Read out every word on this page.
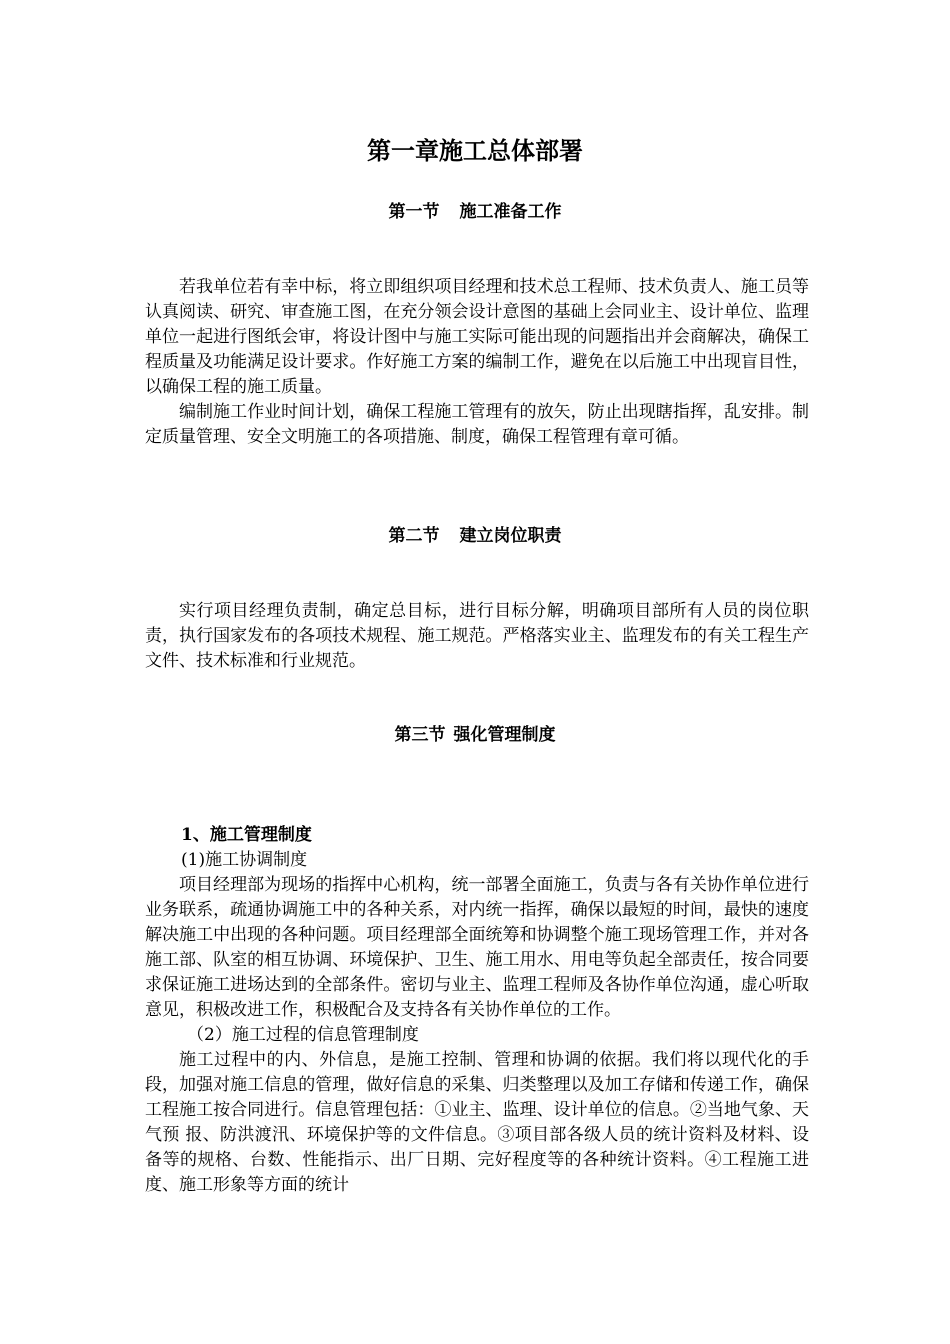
第一章施工总体部署
第一节 施工准备工作

若我单位若有幸中标，将立即组织项目经理和技术总工程师、技术负责人、施工员等认真阅读、研究、审查施工图，在充分领会设计意图的基础上会同业主、设计单位、监理单位一起进行图纸会审，将设计图中与施工实际可能出现的问题指出并会商解决，确保工程质量及功能满足设计要求。作好施工方案的编制工作，避免在以后施工中出现盲目性，以确保工程的施工质量。

编制施工作业时间计划，确保工程施工管理有的放矢，防止出现瞎指挥，乱安排。制定质量管理、安全文明施工的各项措施、制度，确保工程管理有章可循。

第二节 建立岗位职责

实行项目经理负责制，确定总目标，进行目标分解，明确项目部所有人员的岗位职责，执行国家发布的各项技术规程、施工规范。严格落实业主、监理发布的有关工程生产文件、技术标准和行业规范。

第三节 强化管理制度
1、施工管理制度
(1)施工协调制度

项目经理部为现场的指挥中心机构，统一部署全面施工，负责与各有关协作单位进行业务联系，疏通协调施工中的各种关系，对内统一指挥，确保以最短的时间，最快的速度解决施工中出现的各种问题。项目经理部全面统筹和协调整个施工现场管理工作，并对各施工部、队室的相互协调、环境保护、卫生、施工用水、用电等负起全部责任，按合同要求保证施工进场达到的全部条件。密切与业主、监理工程师及各协作单位沟通，虚心听取意见，积极改进工作，积极配合及支持各有关协作单位的工作。

（2）施工过程的信息管理制度

施工过程中的内、外信息，是施工控制、管理和协调的依据。我们将以现代化的手段，加强对施工信息的管理，做好信息的采集、归类整理以及加工存储和传递工作，确保工程施工按合同进行。信息管理包括：①业主、监理、设计单位的信息。②当地气象、天气预 报、防洪渡汛、环境保护等的文件信息。③项目部各级人员的统计资料及材料、设备等的规格、台数、性能指示、出厂日期、完好程度等的各种统计资料。④工程施工进度、施工形象等方面的统计
